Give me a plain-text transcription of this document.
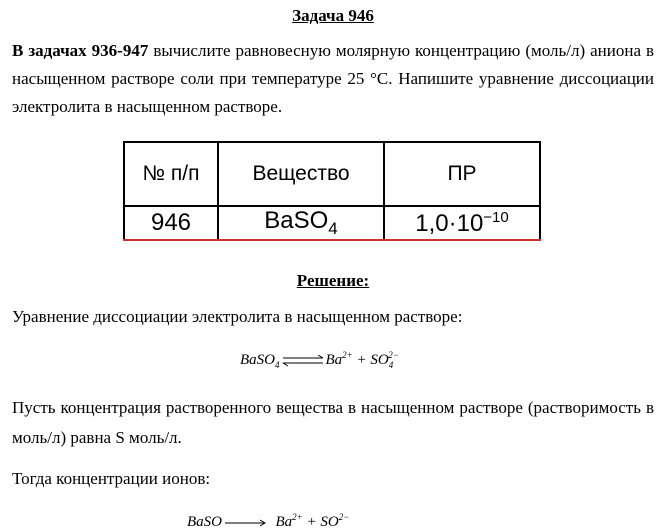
Задача 946
В задачах 936-947 вычислите равновесную молярную концентрацию (моль/л) аниона в насыщенном растворе соли при температуре 25 °С. Напишите уравнение диссоциации электролита в насыщенном растворе.
№ п/п	Вещество	ПР
946	BaSO$_4$	$1,0\cdot 10^{-10}$
Решение:
Уравнение диссоциации электролита в насыщенном растворе:
BaSO$_4$ ⇌ $Ba^{2+} + SO_4^{2-}$
Пусть концентрация растворенного вещества в насыщенном растворе (растворимость в моль/л) равна S моль/л.
Тогда концентрации ионов:
BaSO	$Ba^{2+} + SO^{2-}$
